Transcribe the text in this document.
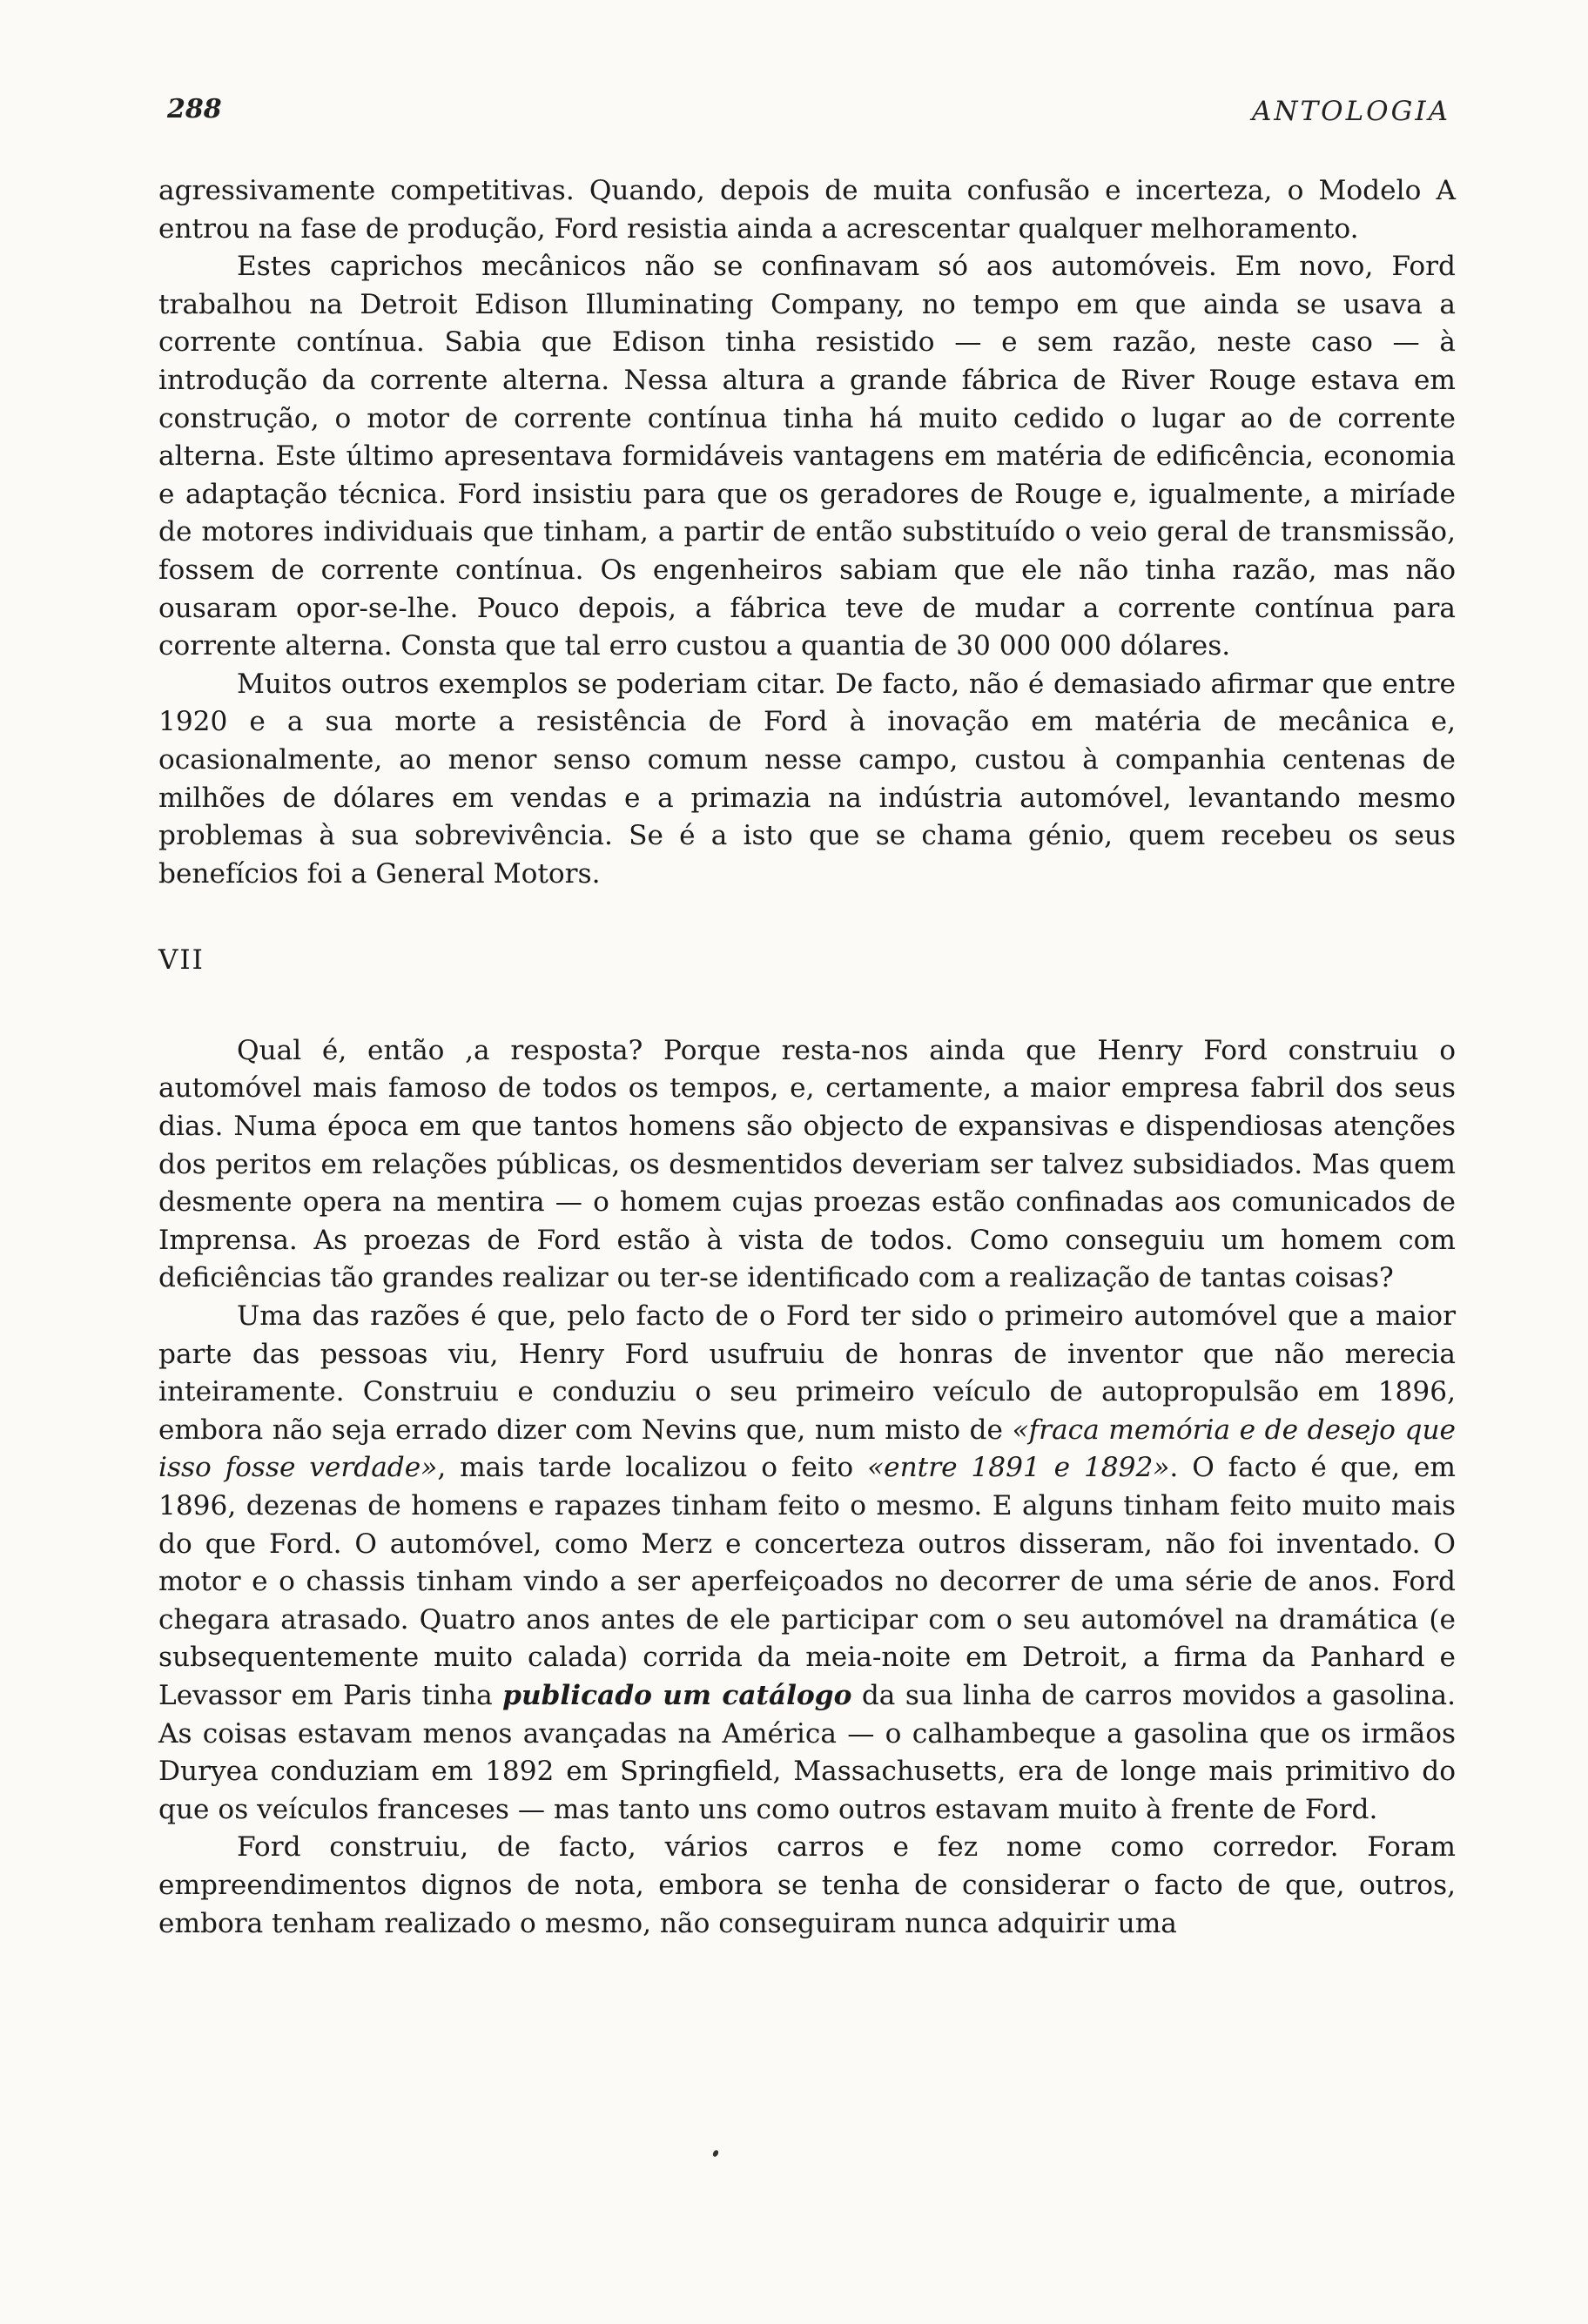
288	ANTOLOGIA

agressivamente competitivas. Quando, depois de muita confusão e incerteza, o Modelo A entrou na fase de produção, Ford resistia ainda a acrescentar qualquer melhoramento.

Estes caprichos mecânicos não se confinavam só aos automóveis. Em novo, Ford trabalhou na Detroit Edison Illuminating Company, no tempo em que ainda se usava a corrente contínua. Sabia que Edison tinha resistido — e sem razão, neste caso — à introdução da corrente alterna. Nessa altura a grande fábrica de River Rouge estava em construção, o motor de corrente contínua tinha há muito cedido o lugar ao de corrente alterna. Este último apresentava formidáveis vantagens em matéria de edificência, economia e adaptação técnica. Ford insistiu para que os geradores de Rouge e, igualmente, a miríade de motores individuais que tinham, a partir de então substituído o veio geral de transmissão, fossem de corrente contínua. Os engenheiros sabiam que ele não tinha razão, mas não ousaram opor-se-lhe. Pouco depois, a fábrica teve de mudar a corrente contínua para corrente alterna. Consta que tal erro custou a quantia de 30 000 000 dólares.

Muitos outros exemplos se poderiam citar. De facto, não é demasiado afirmar que entre 1920 e a sua morte a resistência de Ford à inovação em matéria de mecânica e, ocasionalmente, ao menor senso comum nesse campo, custou à companhia centenas de milhões de dólares em vendas e a primazia na indústria automóvel, levantando mesmo problemas à sua sobrevivência. Se é a isto que se chama génio, quem recebeu os seus benefícios foi a General Motors.

VII

Qual é, então ,a resposta? Porque resta-nos ainda que Henry Ford construiu o automóvel mais famoso de todos os tempos, e, certamente, a maior empresa fabril dos seus dias. Numa época em que tantos homens são objecto de expansivas e dispendiosas atenções dos peritos em relações públicas, os desmentidos deveriam ser talvez subsidiados. Mas quem desmente opera na mentira — o homem cujas proezas estão confinadas aos comunicados de Imprensa. As proezas de Ford estão à vista de todos. Como conseguiu um homem com deficiências tão grandes realizar ou ter-se identificado com a realização de tantas coisas?

Uma das razões é que, pelo facto de o Ford ter sido o primeiro automóvel que a maior parte das pessoas viu, Henry Ford usufruiu de honras de inventor que não merecia inteiramente. Construiu e conduziu o seu primeiro veículo de autopropulsão em 1896, embora não seja errado dizer com Nevins que, num misto de «fraca memória e de desejo que isso fosse verdade», mais tarde localizou o feito «entre 1891 e 1892». O facto é que, em 1896, dezenas de homens e rapazes tinham feito o mesmo. E alguns tinham feito muito mais do que Ford. O automóvel, como Merz e concerteza outros disseram, não foi inventado. O motor e o chassis tinham vindo a ser aperfeiçoados no decorrer de uma série de anos. Ford chegara atrasado. Quatro anos antes de ele participar com o seu automóvel na dramática (e subsequentemente muito calada) corrida da meia-noite em Detroit, a firma da Panhard e Levassor em Paris tinha publicado um catálogo da sua linha de carros movidos a gasolina. As coisas estavam menos avançadas na América — o calhambeque a gasolina que os irmãos Duryea conduziam em 1892 em Springfield, Massachusetts, era de longe mais primitivo do que os veículos franceses — mas tanto uns como outros estavam muito à frente de Ford.

Ford construiu, de facto, vários carros e fez nome como corredor. Foram empreendimentos dignos de nota, embora se tenha de considerar o facto de que, outros, embora tenham realizado o mesmo, não conseguiram nunca adquirir uma
